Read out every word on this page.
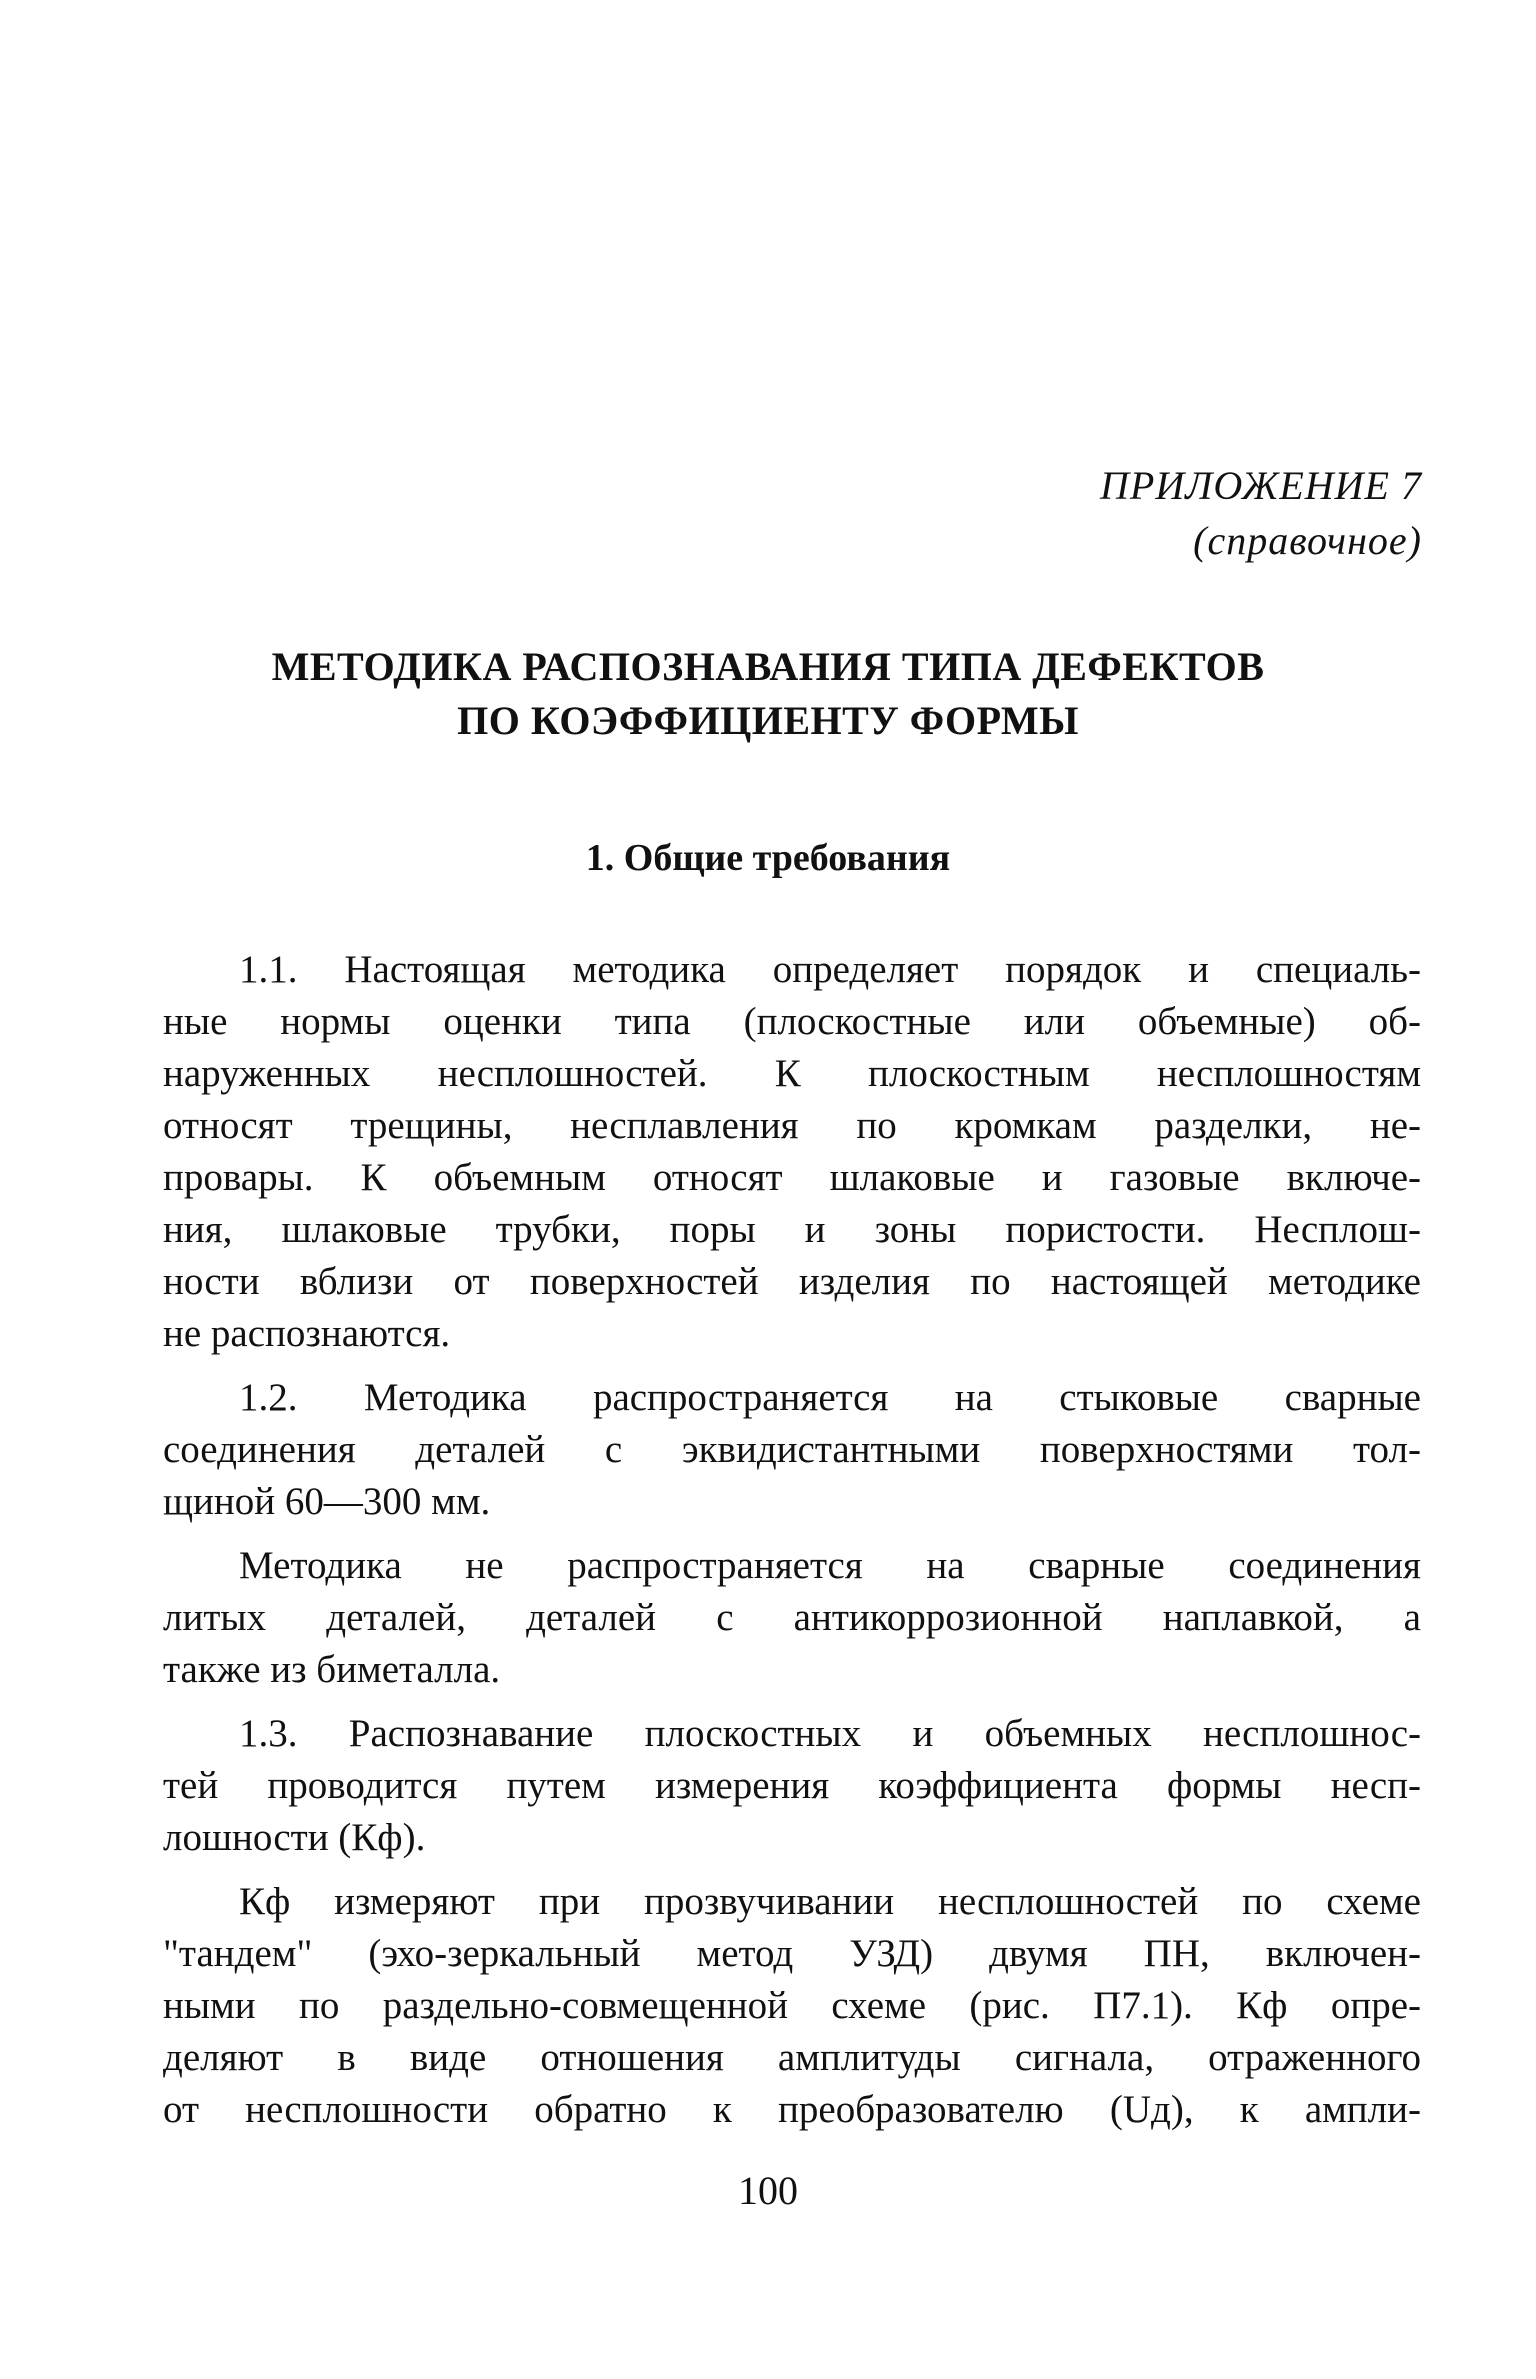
ПРИЛОЖЕНИЕ 7
(справочное)
МЕТОДИКА РАСПОЗНАВАНИЯ ТИПА ДЕФЕКТОВ
ПО КОЭФФИЦИЕНТУ ФОРМЫ
1. Общие требования
1.1. Настоящая методика определяет порядок и специаль-
ные нормы оценки типа (плоскостные или объемные) об-
наруженных несплошностей. К плоскостным несплошностям
относят трещины, несплавления по кромкам разделки, не-
провары. К объемным относят шлаковые и газовые включе-
ния, шлаковые трубки, поры и зоны пористости. Несплош-
ности вблизи от поверхностей изделия по настоящей методике
не распознаются.
1.2. Методика распространяется на стыковые сварные
соединения деталей с эквидистантными поверхностями тол-
щиной 60—300 мм.
Методика не распространяется на сварные соединения
литых деталей, деталей с антикоррозионной наплавкой, а
также из биметалла.
1.3. Распознавание плоскостных и объемных несплошнос-
тей проводится путем измерения коэффициента формы несп-
лошности (Кф).
Кф измеряют при прозвучивании несплошностей по схеме
"тандем" (эхо-зеркальный метод УЗД) двумя ПН, включен-
ными по раздельно-совмещенной схеме (рис. П7.1). Кф опре-
деляют в виде отношения амплитуды сигнала, отраженного
от несплошности обратно к преобразователю (Uд), к ампли-
100
